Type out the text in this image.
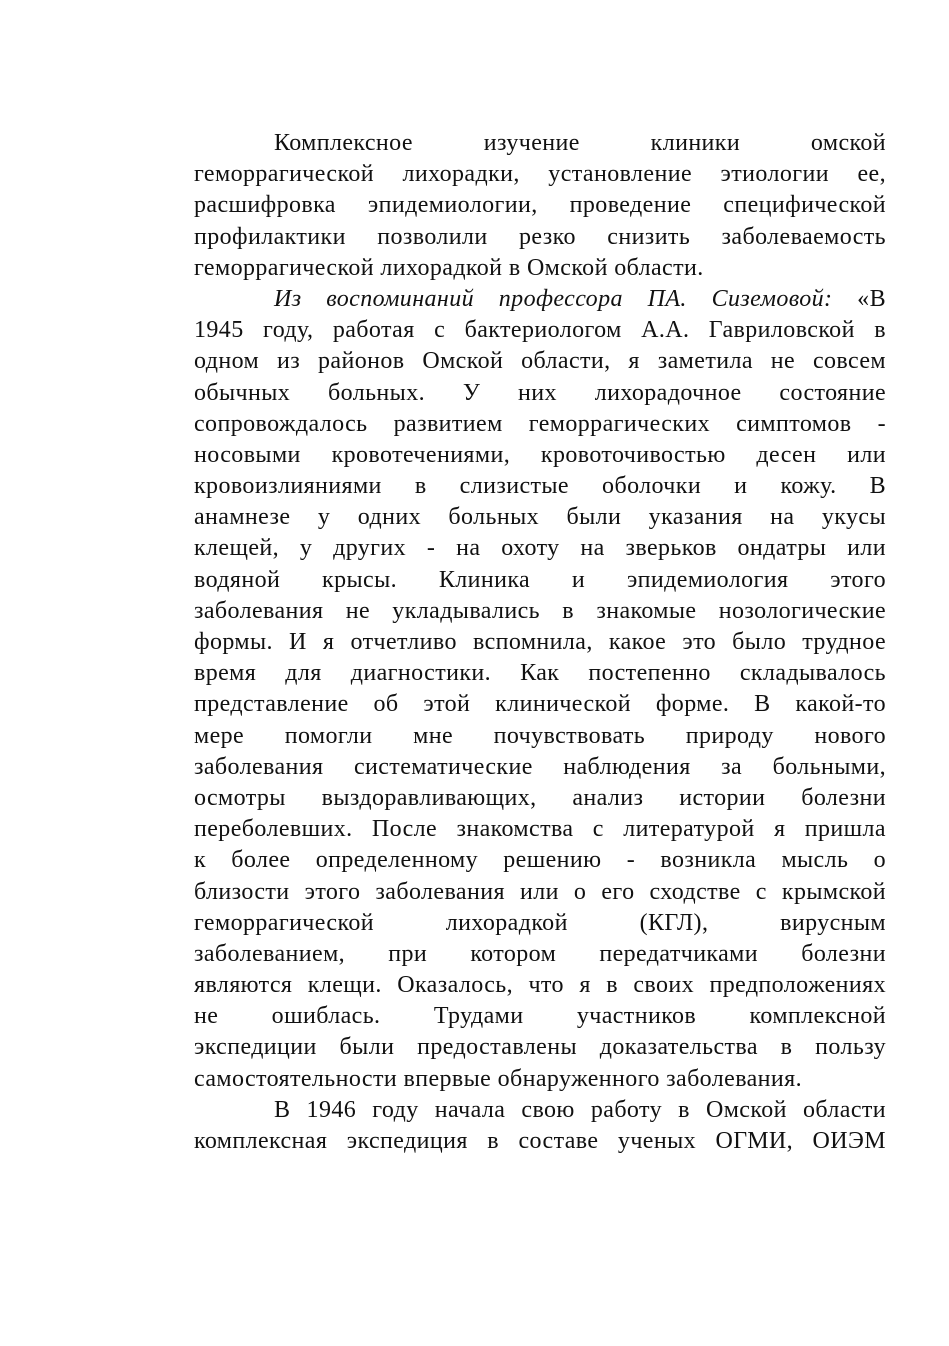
Комплексное изучение клиники омской
геморрагической лихорадки, установление этиологии ее,
расшифровка эпидемиологии, проведение специфической
профилактики позволили резко снизить заболеваемость
геморрагической лихорадкой в Омской области.
Из воспоминаний профессора ПА. Сиземовой: «В
1945 году, работая с бактериологом А.А. Гавриловской в
одном из районов Омской области, я заметила не совсем
обычных больных. У них лихорадочное состояние
сопровождалось развитием геморрагических симптомов -
носовыми кровотечениями, кровоточивостью десен или
кровоизлияниями в слизистые оболочки и кожу. В
анамнезе у одних больных были указания на укусы
клещей, у других - на охоту на зверьков ондатры или
водяной крысы. Клиника и эпидемиология этого
заболевания не укладывались в знакомые нозологические
формы. И я отчетливо вспомнила, какое это было трудное
время для диагностики. Как постепенно складывалось
представление об этой клинической форме. В какой-то
мере помогли мне почувствовать природу нового
заболевания систематические наблюдения за больными,
осмотры выздоравливающих, анализ истории болезни
переболевших. После знакомства с литературой я пришла
к более определенному решению - возникла мысль о
близости этого заболевания или о его сходстве с крымской
геморрагической лихорадкой (КГЛ), вирусным
заболеванием, при котором передатчиками болезни
являются клещи. Оказалось, что я в своих предположениях
не ошиблась. Трудами участников комплексной
экспедиции были предоставлены доказательства в пользу
самостоятельности впервые обнаруженного заболевания.
В 1946 году начала свою работу в Омской области
комплексная экспедиция в составе ученых ОГМИ, ОИЭМ
